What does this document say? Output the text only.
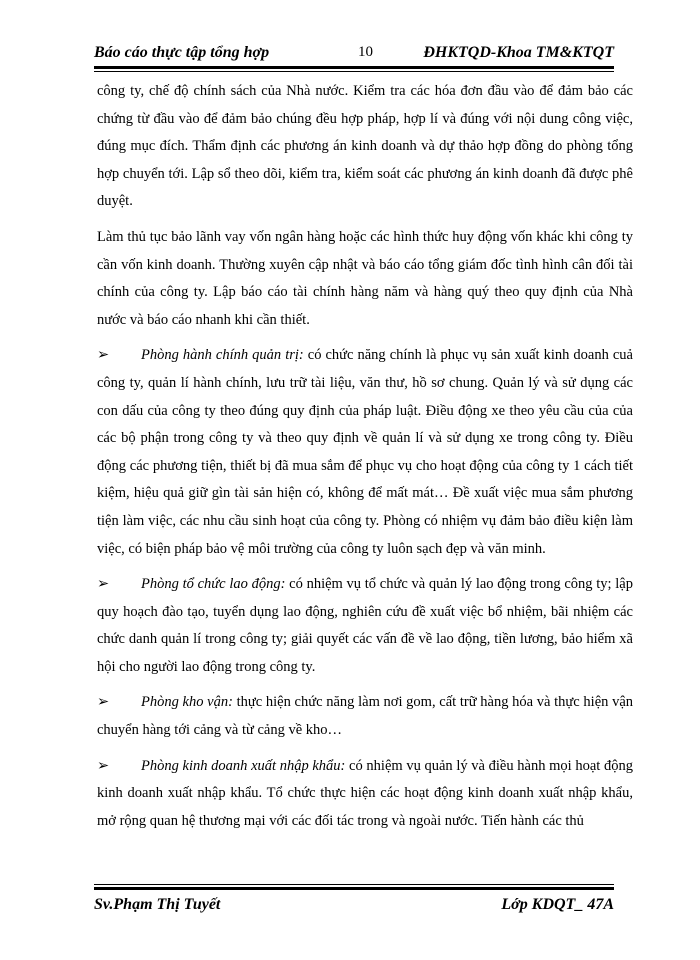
Báo cáo thực tập tổng hợp	10	ĐHKTQD-Khoa TM&KTQT

công ty, chế độ chính sách của Nhà nước. Kiểm tra các hóa đơn đầu vào để đảm bảo các chứng từ đầu vào để đảm bảo chúng đều hợp pháp, hợp lí và đúng với nội dung công việc, đúng mục đích. Thẩm định các phương án kinh doanh và dự thảo hợp đồng do phòng tổng hợp chuyển tới. Lập sổ theo dõi, kiểm tra, kiểm soát các phương án kinh doanh đã được phê duyệt.

Làm thủ tục bảo lãnh vay vốn ngân hàng hoặc các hình thức huy động vốn khác khi công ty cần vốn kinh doanh. Thường xuyên cập nhật và báo cáo tổng giám đốc tình hình cân đối tài chính của công ty. Lập báo cáo tài chính hàng năm và hàng quý theo quy định của Nhà nước và báo cáo nhanh khi cần thiết.

➢ Phòng hành chính quản trị: có chức năng chính là phục vụ sản xuất kinh doanh cuả công ty, quản lí hành chính, lưu trữ tài liệu, văn thư, hồ sơ chung. Quản lý và sử dụng các con dấu của công ty theo đúng quy định của pháp luật. Điều động xe theo yêu cầu của của các bộ phận trong công ty và theo quy định về quản lí và sử dụng xe trong công ty. Điều động các phương tiện, thiết bị đã mua sắm để phục vụ cho hoạt động của công ty 1 cách tiết kiệm, hiệu quả giữ gìn tài sản hiện có, không để mất mát… Đề xuất việc mua sắm phương tiện làm việc, các nhu cầu sinh hoạt của công ty. Phòng có nhiệm vụ đảm bảo điều kiện làm việc, có biện pháp bảo vệ môi trường của công ty luôn sạch đẹp và văn minh.

➢ Phòng tổ chức lao động: có nhiệm vụ tổ chức và quản lý lao động trong công ty; lập quy hoạch đào tạo, tuyển dụng lao động, nghiên cứu đề xuất việc bổ nhiệm, bãi nhiệm các chức danh quản lí trong công ty; giải quyết các vấn đề về lao động, tiền lương, bảo hiểm xã hội cho người lao động trong công ty.

➢ Phòng kho vận: thực hiện chức năng làm nơi gom, cất trữ hàng hóa và thực hiện vận chuyển hàng tới cảng và từ cảng về kho…

➢ Phòng kinh doanh xuất nhập khẩu: có nhiệm vụ quản lý và điều hành mọi hoạt động kinh doanh xuất nhập khẩu. Tổ chức thực hiện các hoạt động kinh doanh xuất nhập khẩu, mở rộng quan hệ thương mại với các đối tác trong và ngoài nước. Tiến hành các thủ

Sv.Phạm Thị Tuyết	Lớp KDQT_ 47A
